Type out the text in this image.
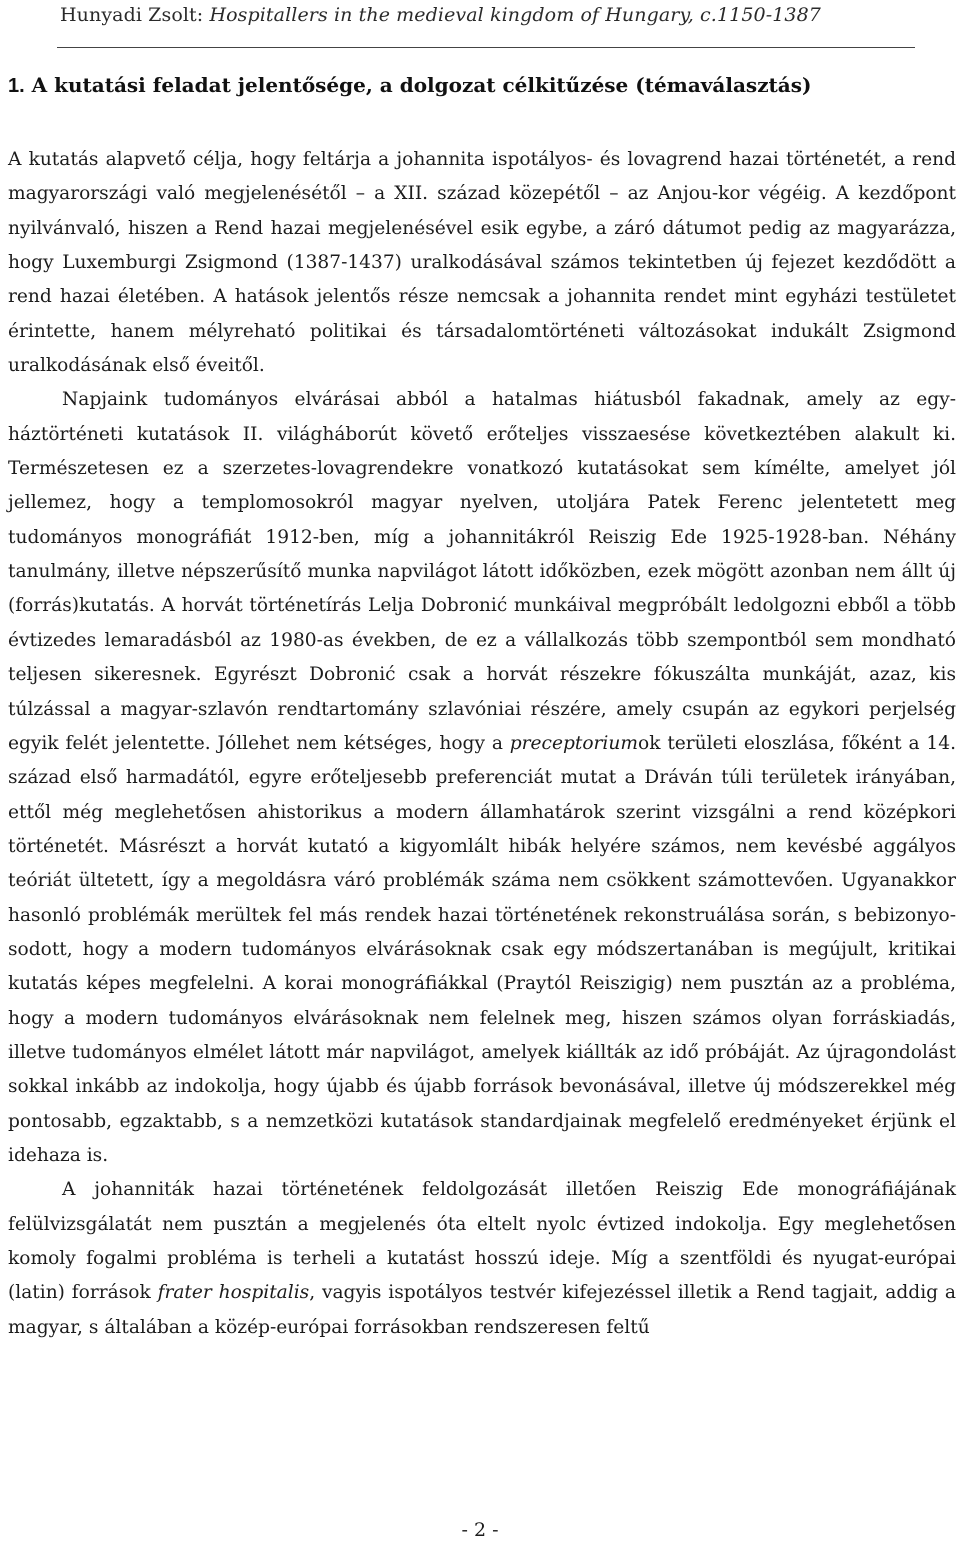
Hunyadi Zsolt: Hospitallers in the medieval kingdom of Hungary, c.1150-1387
1. A kutatási feladat jelentősége, a dolgozat célkitűzése (témaválasztás)

A kutatás alapvető célja, hogy feltárja a johannita ispotályos- és lovagrend hazai történetét, a rend magyarországi való megjelenésétől – a XII. század közepétől – az Anjou-kor végéig. A kezdőpont nyilvánvaló, hiszen a Rend hazai megjelenésével esik egybe, a záró dátumot pedig az magyarázza, hogy Luxemburgi Zsigmond (1387-1437) uralkodásával számos tekintetben új fejezet kezdődött a rend hazai életében. A hatások jelentős része nemcsak a johannita rendet mint egyházi testületet érintette, hanem mélyreható politikai és társadalomtörténeti változásokat indukált Zsigmond uralkodásának első éveitől.

Napjaink tudományos elvárásai abból a hatalmas hiátusból fakadnak, amely az egyháztörténeti kutatások II. világháborút követő erőteljes visszaesése következtében alakult ki. Természetesen ez a szerzetes-lovagrendekre vonatkozó kutatásokat sem kímélte, amelyet jól jellemez, hogy a templomosokról magyar nyelven, utoljára Patek Ferenc jelentetett meg tudományos monográfiát 1912-ben, míg a johannitákról Reiszig Ede 1925-1928-ban. Néhány tanulmány, illetve népszerűsítő munka napvilágot látott időközben, ezek mögött azonban nem állt új (forrás)kutatás. A horvát történetírás Lelja Dobronić munkáival megpróbált ledolgozni ebből a több évtizedes lemaradásból az 1980-as években, de ez a vállalkozás több szempontból sem mondható teljesen sikeresnek. Egyrészt Dobronić csak a horvát részekre fókuszálta munkáját, azaz, kis túlzással a magyar-szlavón rendtartomány szlavóniai részére, amely csupán az egykori perjelség egyik felét jelentette. Jóllehet nem kétséges, hogy a preceptoriumok területi eloszlása, főként a 14. század első harmadától, egyre erőteljesebb preferenciát mutat a Dráván túli területek irányában, ettől még meglehetősen ahistorikus a modern államhatárok szerint vizsgálni a rend középkori történetét. Másrészt a horvát kutató a kigyomlált hibák helyére számos, nem kevésbé aggályos teóriát ültetett, így a megoldásra váró problémák száma nem csökkent számottevően. Ugyanakkor hasonló problémák merültek fel más rendek hazai történetének rekonstruálása során, s bebizonyosodott, hogy a modern tudományos elvárásoknak csak egy módszertanában is megújult, kritikai kutatás képes megfelelni. A korai monográfiákkal (Praytól Reiszigig) nem pusztán az a probléma, hogy a modern tudományos elvárásoknak nem felelnek meg, hiszen számos olyan forráskiadás, illetve tudományos elmélet látott már napvilágot, amelyek kiállták az idő próbáját. Az újragondolást sokkal inkább az indokolja, hogy újabb és újabb források bevonásával, illetve új módszerekkel még pontosabb, egzaktabb, s a nemzetközi kutatások standardjainak megfelelő eredményeket érjünk el idehaza is.

A johanniták hazai történetének feldolgozását illetően Reiszig Ede monográfiájának felülvizsgálatát nem pusztán a megjelenés óta eltelt nyolc évtized indokolja. Egy meglehetősen komoly fogalmi probléma is terheli a kutatást hosszú ideje. Míg a szentföldi és nyugat-európai (latin) források frater hospitalis, vagyis ispotályos testvér kifejezéssel illetik a Rend tagjait, addig a magyar, s általában a közép-európai forrásokban rendszeresen feltű

- 2 -
